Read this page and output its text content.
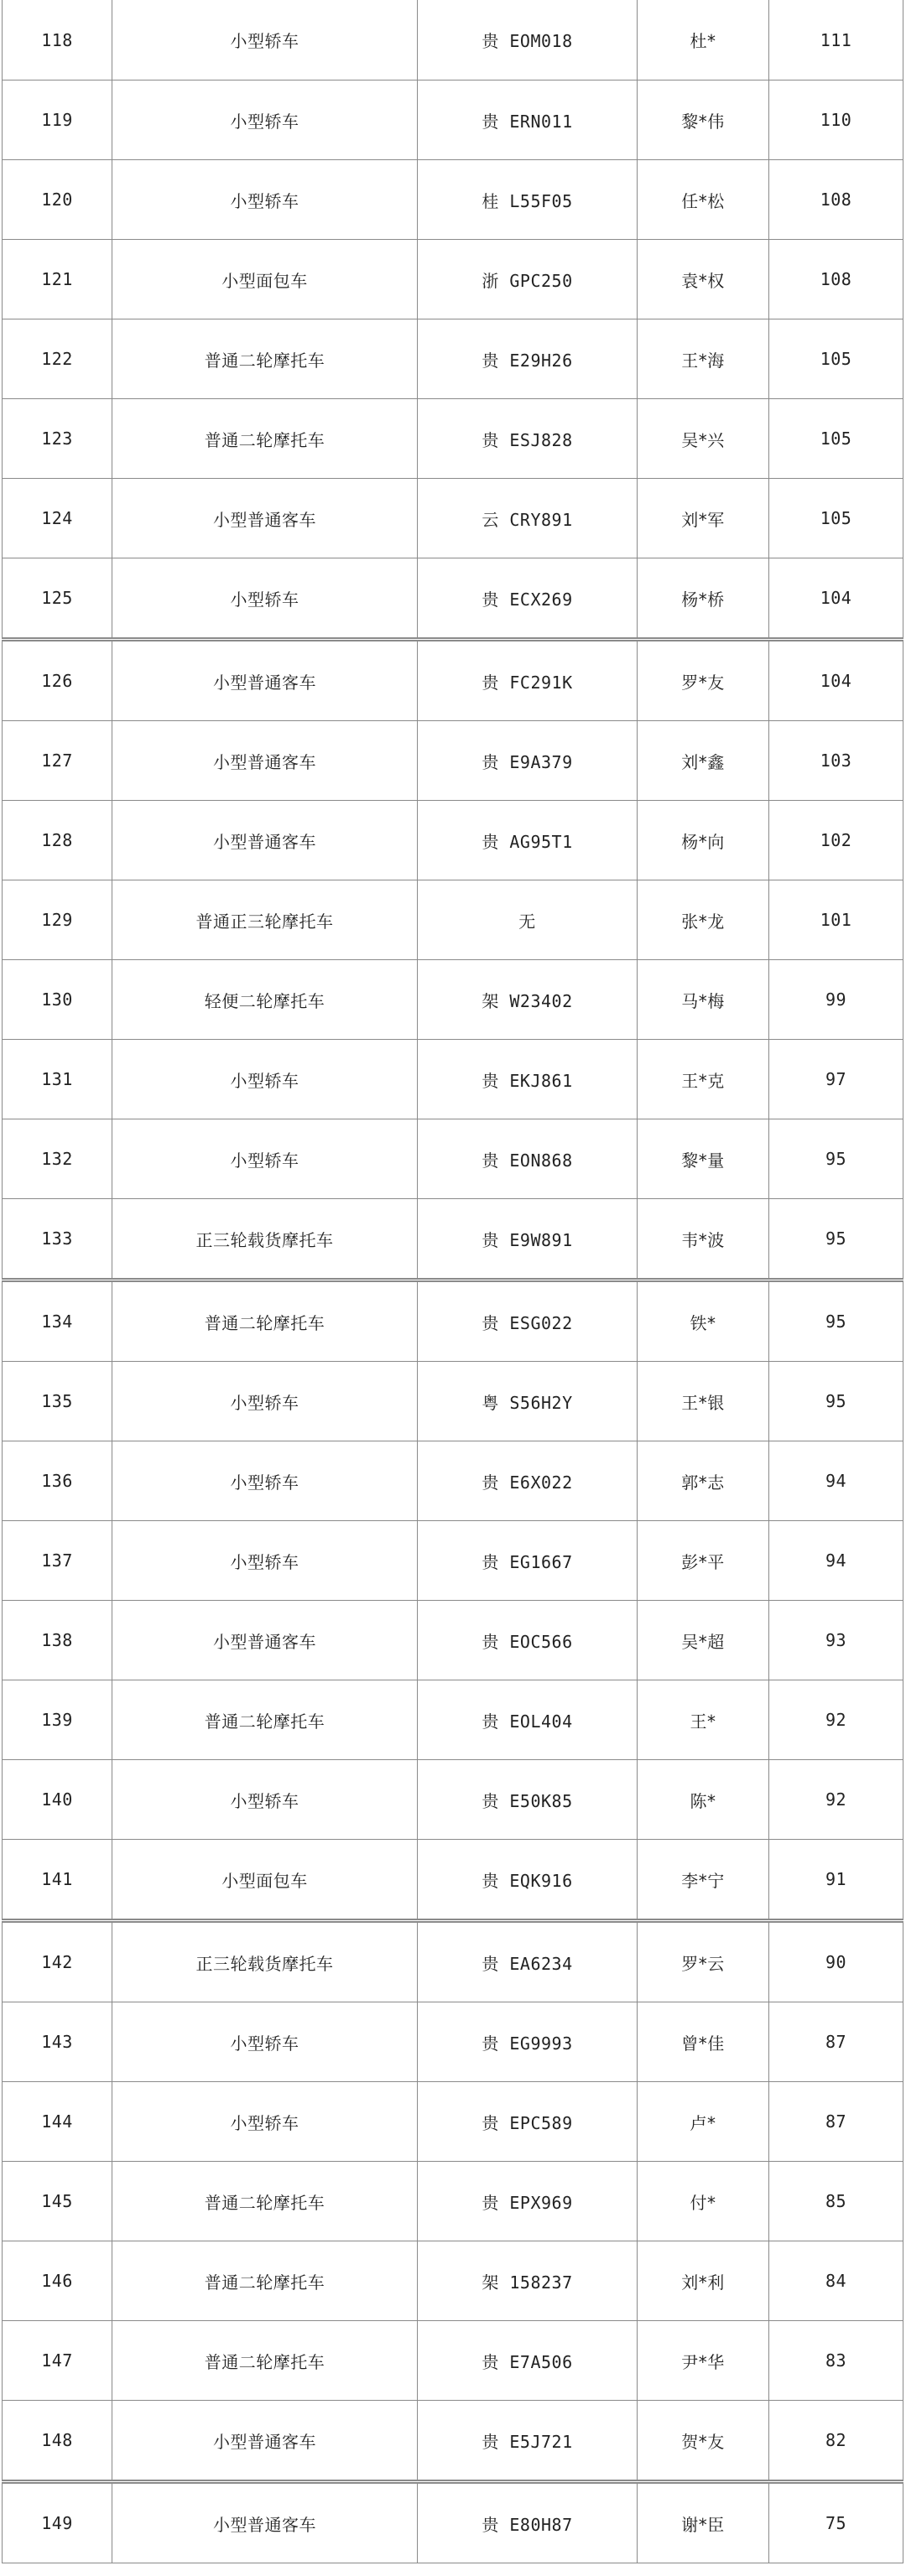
118	小型轿车	贵 EOM018	杜*	111
119	小型轿车	贵 ERN011	黎*伟	110
120	小型轿车	桂 L55F05	任*松	108
121	小型面包车	浙 GPC250	袁*权	108
122	普通二轮摩托车	贵 E29H26	王*海	105
123	普通二轮摩托车	贵 ESJ828	吴*兴	105
124	小型普通客车	云 CRY891	刘*军	105
125	小型轿车	贵 ECX269	杨*桥	104
126	小型普通客车	贵 FC291K	罗*友	104
127	小型普通客车	贵 E9A379	刘*鑫	103
128	小型普通客车	贵 AG95T1	杨*向	102
129	普通正三轮摩托车	无	张*龙	101
130	轻便二轮摩托车	架 W23402	马*梅	99
131	小型轿车	贵 EKJ861	王*克	97
132	小型轿车	贵 EON868	黎*量	95
133	正三轮载货摩托车	贵 E9W891	韦*波	95
134	普通二轮摩托车	贵 ESG022	铁*	95
135	小型轿车	粤 S56H2Y	王*银	95
136	小型轿车	贵 E6X022	郭*志	94
137	小型轿车	贵 EG1667	彭*平	94
138	小型普通客车	贵 EOC566	吴*超	93
139	普通二轮摩托车	贵 EOL404	王*	92
140	小型轿车	贵 E50K85	陈*	92
141	小型面包车	贵 EQK916	李*宁	91
142	正三轮载货摩托车	贵 EA6234	罗*云	90
143	小型轿车	贵 EG9993	曾*佳	87
144	小型轿车	贵 EPC589	卢*	87
145	普通二轮摩托车	贵 EPX969	付*	85
146	普通二轮摩托车	架 158237	刘*利	84
147	普通二轮摩托车	贵 E7A506	尹*华	83
148	小型普通客车	贵 E5J721	贺*友	82
149	小型普通客车	贵 E80H87	谢*臣	75
